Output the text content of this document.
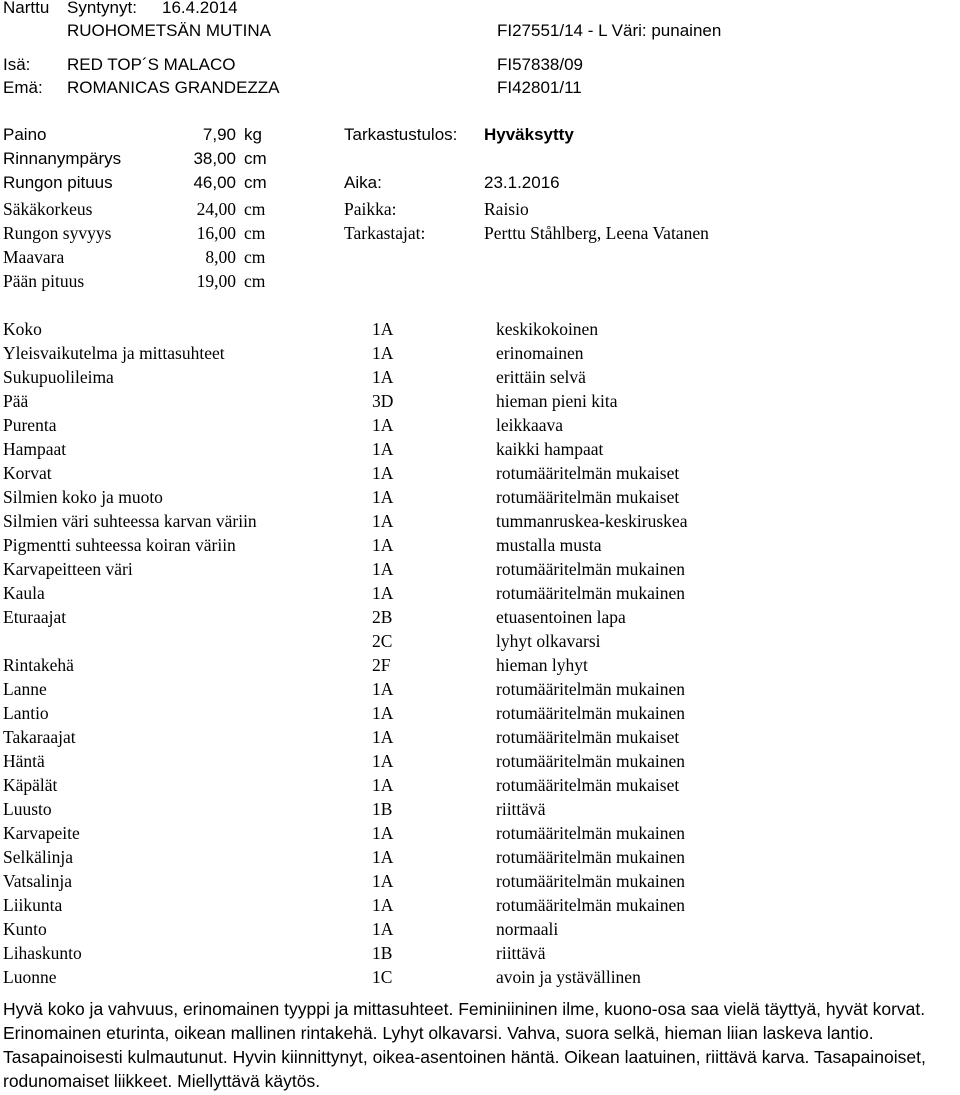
Narttu Syntynyt: 16.4.2014
RUOHOMETSÄN MUTINA	FI27551/14 - L Väri: punainen
Isä: RED TOP´S MALACO	FI57838/09
Emä: ROMANICAS GRANDEZZA	FI42801/11
Paino	7,90 kg
Rinnanympärys	38,00 cm
Rungon pituus	46,00 cm
Säkäkorkeus	24,00 cm
Rungon syvyys	16,00 cm
Maavara	8,00 cm
Pään pituus	19,00 cm
Tarkastustulos: Hyväksytty
Aika:	23.1.2016
Paikka:	Raisio
Tarkastajat:	Perttu Ståhlberg, Leena Vatanen
Koko	1A	keskikokoinen
Yleisvaikutelma ja mittasuhteet	1A	erinomainen
Sukupuolileima	1A	erittäin selvä
Pää	3D	hieman pieni kita
Purenta	1A	leikkaava
Hampaat	1A	kaikki hampaat
Korvat	1A	rotumääritelmän mukaiset
Silmien koko ja muoto	1A	rotumääritelmän mukaiset
Silmien väri suhteessa karvan väriin	1A	tummanruskea-keskiruskea
Pigmentti suhteessa koiran väriin	1A	mustalla musta
Karvapeitteen väri	1A	rotumääritelmän mukainen
Kaula	1A	rotumääritelmän mukainen
Eturaajat	2B	etuasentoinen lapa
2C	lyhyt olkavarsi
Rintakehä	2F	hieman lyhyt
Lanne	1A	rotumääritelmän mukainen
Lantio	1A	rotumääritelmän mukainen
Takaraajat	1A	rotumääritelmän mukaiset
Häntä	1A	rotumääritelmän mukainen
Käpälät	1A	rotumääritelmän mukaiset
Luusto	1B	riittävä
Karvapeite	1A	rotumääritelmän mukainen
Selkälinja	1A	rotumääritelmän mukainen
Vatsalinja	1A	rotumääritelmän mukainen
Liikunta	1A	rotumääritelmän mukainen
Kunto	1A	normaali
Lihaskunto	1B	riittävä
Luonne	1C	avoin ja ystävällinen
Hyvä koko ja vahvuus, erinomainen tyyppi ja mittasuhteet. Feminiininen ilme, kuono-osa saa vielä täyttyä, hyvät korvat. Erinomainen eturinta, oikean mallinen rintakehä. Lyhyt olkavarsi. Vahva, suora selkä, hieman liian laskeva lantio. Tasapainoisesti kulmautunut. Hyvin kiinnittynyt, oikea-asentoinen häntä. Oikean laatuinen, riittävä karva. Tasapainoiset, rodunomaiset liikkeet. Miellyttävä käytös.
